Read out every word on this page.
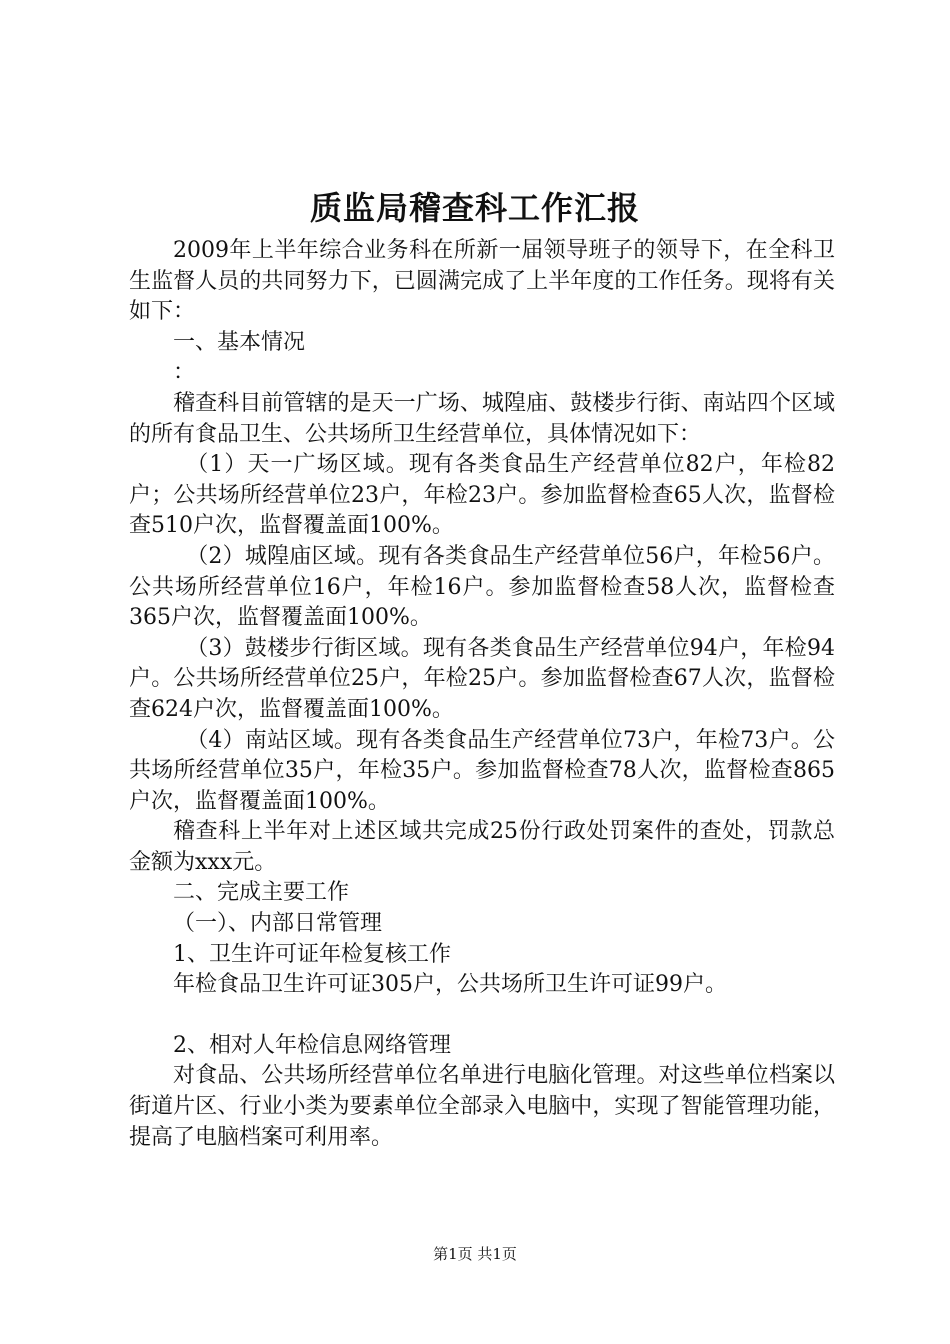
质监局稽查科工作汇报

2009年上半年综合业务科在所新一届领导班子的领导下，在全科卫生监督人员的共同努力下，已圆满完成了上半年度的工作任务。现将有关如下：

一、基本情况

：

稽查科目前管辖的是天一广场、城隍庙、鼓楼步行街、南站四个区域的所有食品卫生、公共场所卫生经营单位，具体情况如下：

（1）天一广场区域。现有各类食品生产经营单位82户，年检82户；公共场所经营单位23户，年检23户。参加监督检查65人次，监督检查510户次，监督覆盖面100%。

（2）城隍庙区域。现有各类食品生产经营单位56户，年检56户。公共场所经营单位16户，年检16户。参加监督检查58人次，监督检查365户次，监督覆盖面100%。

（3）鼓楼步行街区域。现有各类食品生产经营单位94户，年检94户。公共场所经营单位25户，年检25户。参加监督检查67人次，监督检查624户次，监督覆盖面100%。

（4）南站区域。现有各类食品生产经营单位73户，年检73户。公共场所经营单位35户，年检35户。参加监督检查78人次，监督检查865户次，监督覆盖面100%。

稽查科上半年对上述区域共完成25份行政处罚案件的查处，罚款总金额为xxx元。

二、完成主要工作

（一）、内部日常管理

1、卫生许可证年检复核工作

年检食品卫生许可证305户，公共场所卫生许可证99户。

2、相对人年检信息网络管理

对食品、公共场所经营单位名单进行电脑化管理。对这些单位档案以街道片区、行业小类为要素单位全部录入电脑中，实现了智能管理功能，提高了电脑档案可利用率。

第1页 共1页
